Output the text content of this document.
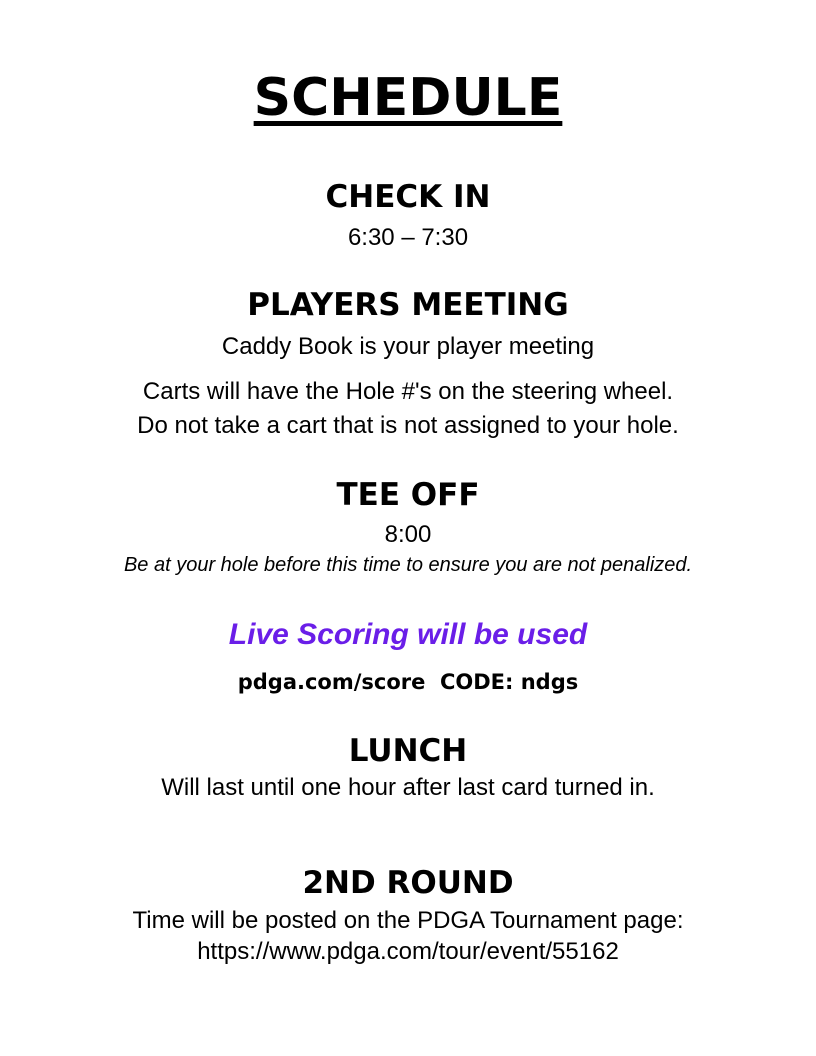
SCHEDULE
CHECK IN
6:30 – 7:30
PLAYERS MEETING
Caddy Book is your player meeting
Carts will have the Hole #'s on the steering wheel.
Do not take a cart that is not assigned to your hole.
TEE OFF
8:00
Be at your hole before this time to ensure you are not penalized.
Live Scoring will be used
pdga.com/score  CODE: ndgs
LUNCH
Will last until one hour after last card turned in.
2ND ROUND
Time will be posted on the PDGA Tournament page:
https://www.pdga.com/tour/event/55162
